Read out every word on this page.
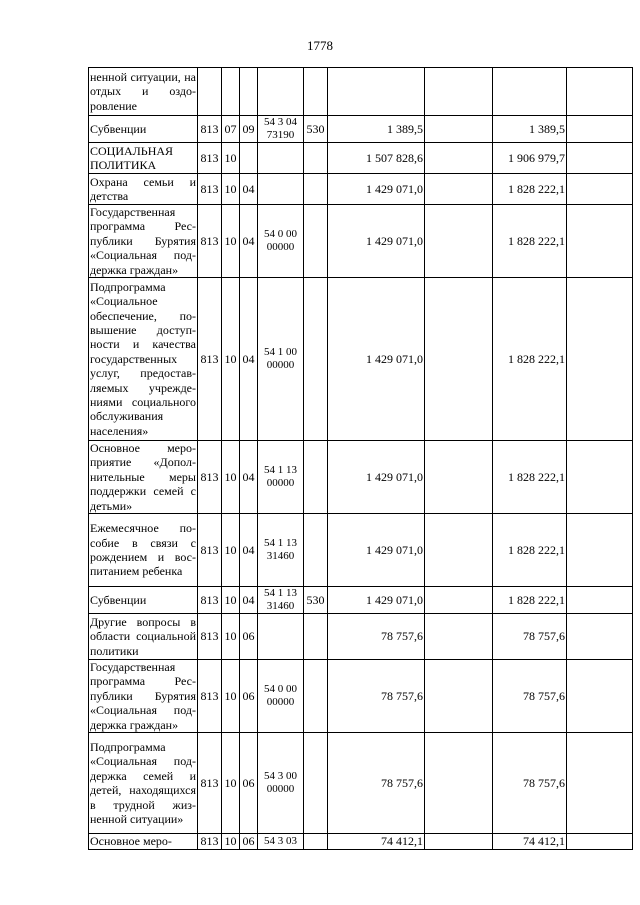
1778
ненной ситуации, на отдых и оздоровление									
Субвенции	813	07	09	54 3 04 73190	530	1 389,5		1 389,5	
СОЦИАЛЬНАЯ ПОЛИТИКА	813	10				1 507 828,6		1 906 979,7	
Охрана семьи и детства	813	10	04			1 429 071,0		1 828 222,1	
Государственная программа Республики Бурятия «Социальная поддержка граждан»	813	10	04	54 0 00 00000		1 429 071,0		1 828 222,1	
Подпрограмма «Социальное обеспечение, повышение доступности и качества государственных услуг, предоставляемых учреждениями социального обслуживания населения»	813	10	04	54 1 00 00000		1 429 071,0		1 828 222,1	
Основное мероприятие «Дополнительные меры поддержки семей с детьми»	813	10	04	54 1 13 00000		1 429 071,0		1 828 222,1	
Ежемесячное пособие в связи с рождением и воспитанием ребенка	813	10	04	54 1 13 31460		1 429 071,0		1 828 222,1	
Субвенции	813	10	04	54 1 13 31460	530	1 429 071,0		1 828 222,1	
Другие вопросы в области социальной политики	813	10	06			78 757,6		78 757,6	
Государственная программа Республики Бурятия «Социальная поддержка граждан»	813	10	06	54 0 00 00000		78 757,6		78 757,6	
Подпрограмма «Социальная поддержка семей и детей, находящихся в трудной жизненной ситуации»	813	10	06	54 3 00 00000		78 757,6		78 757,6	
Основное меро-	813	10	06	54 3 03		74 412,1		74 412,1	
